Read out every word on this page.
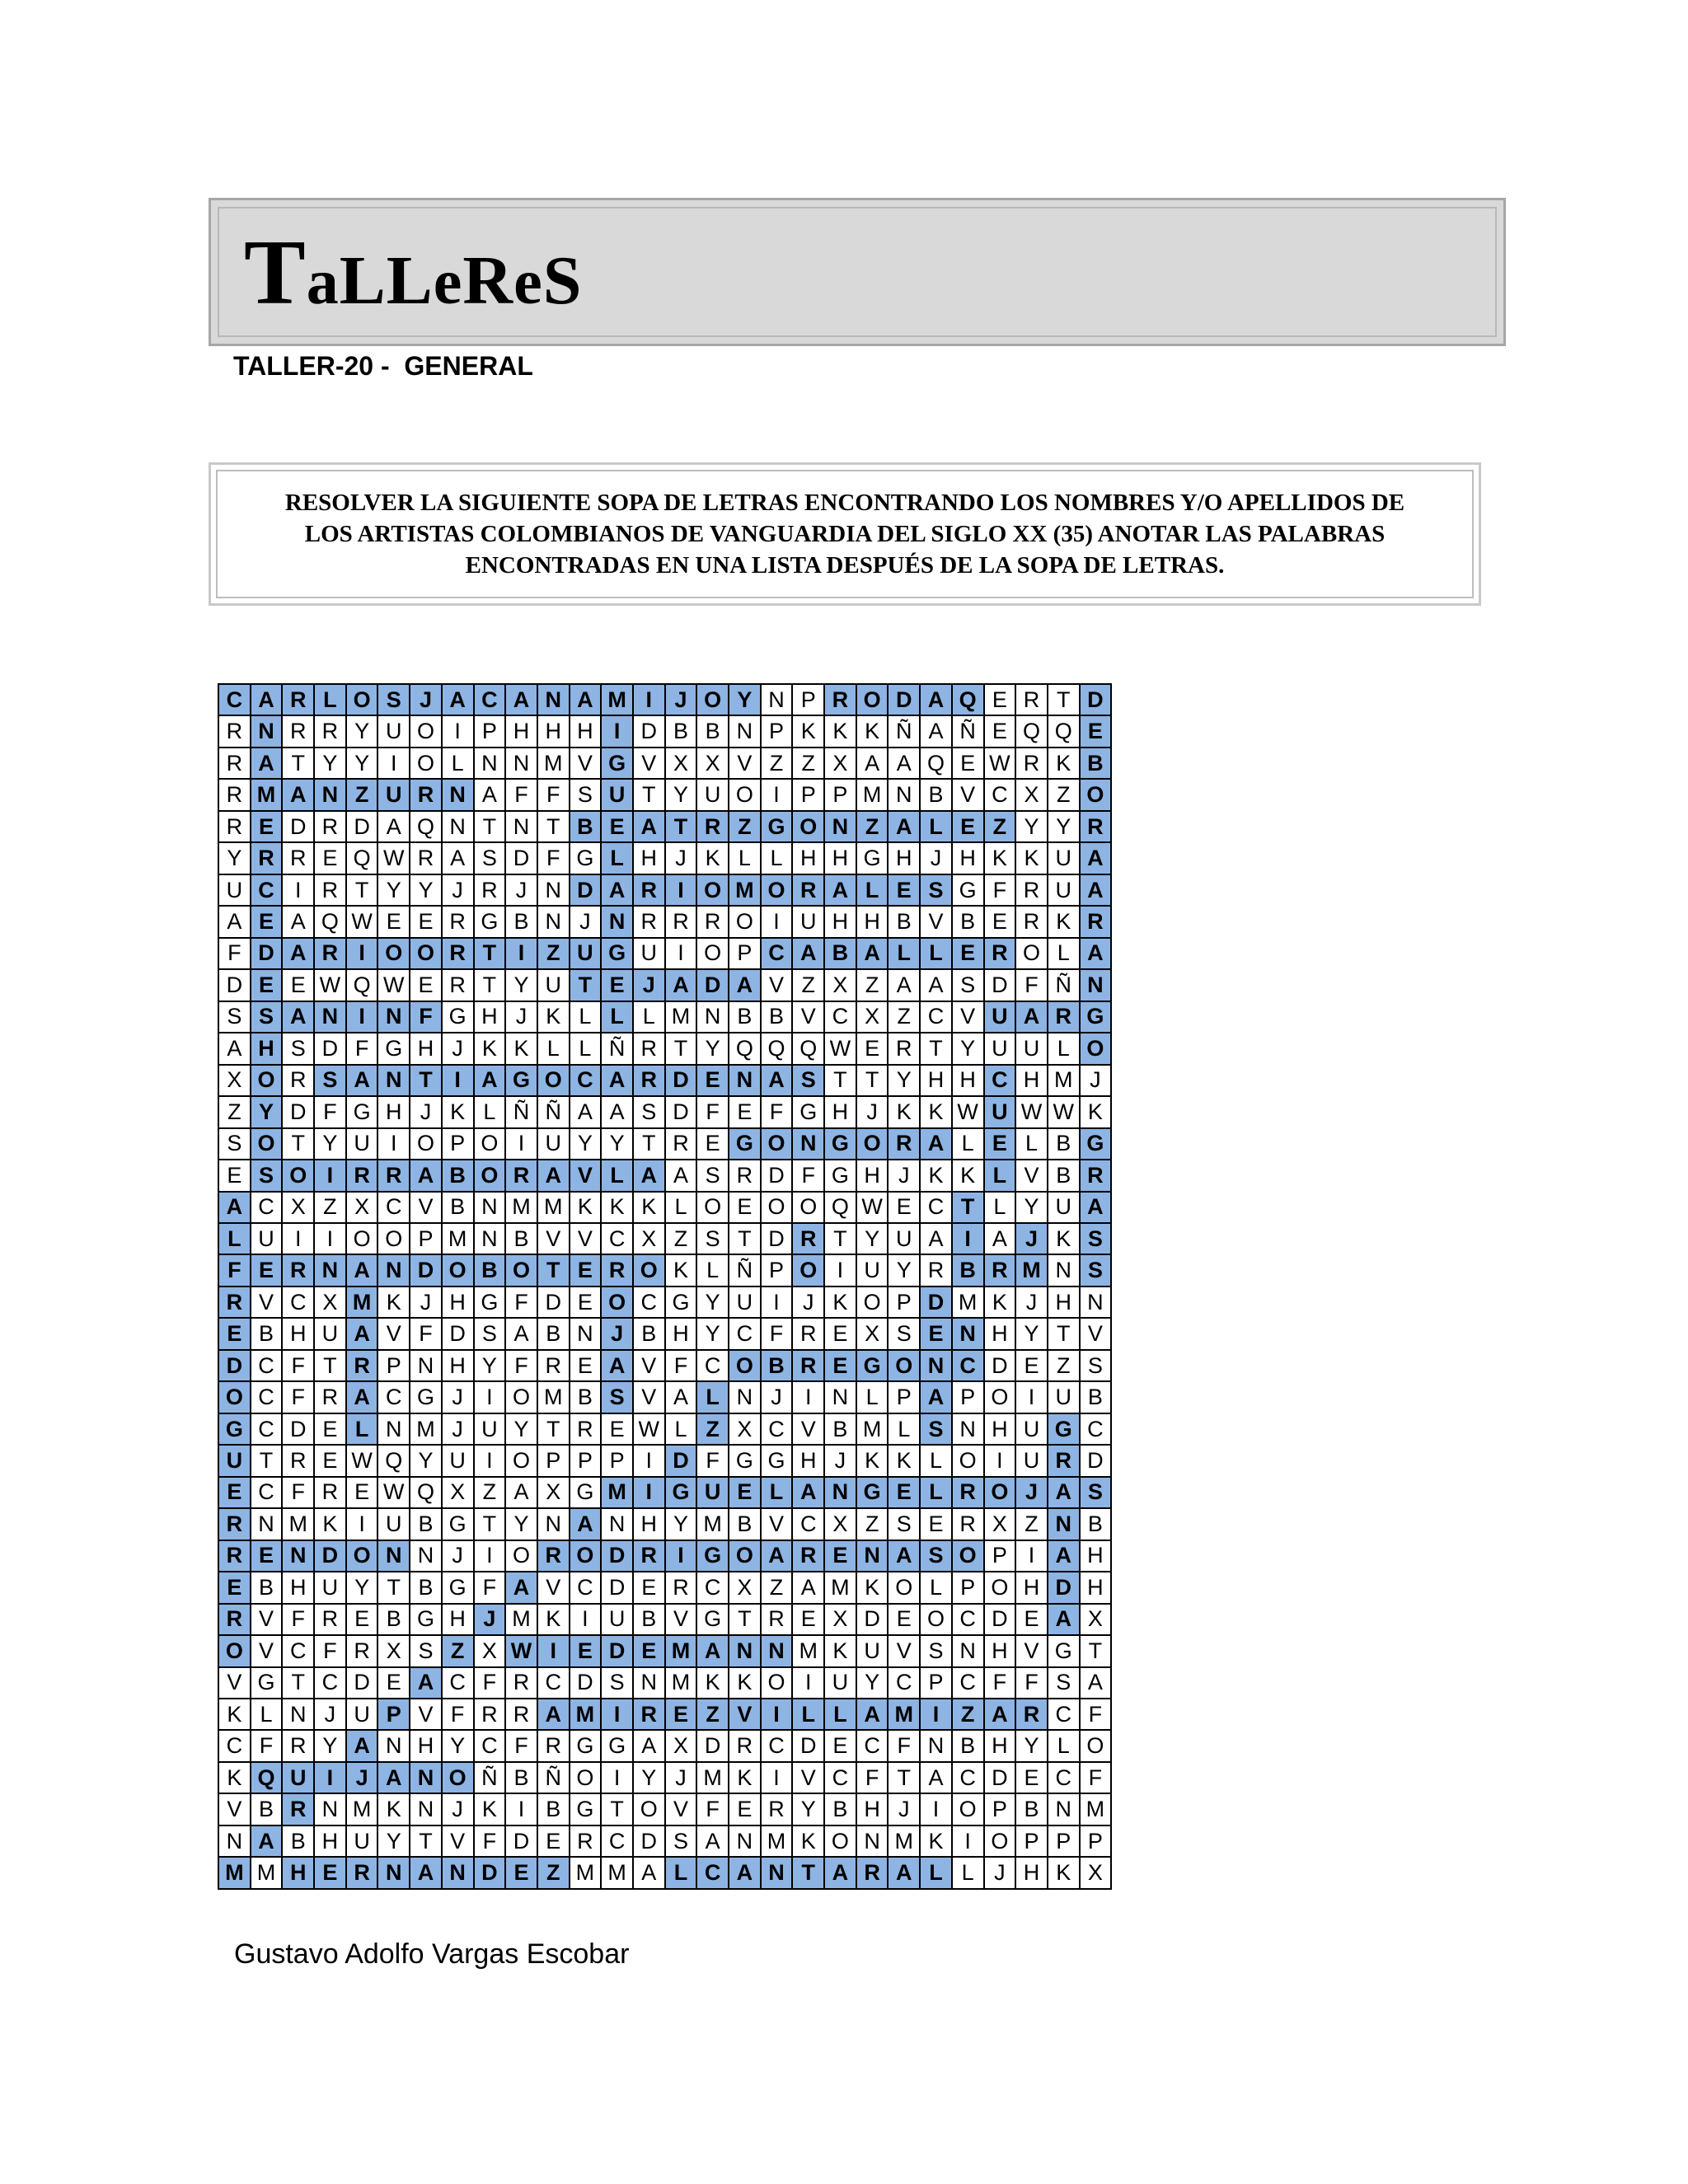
TaLLeReS
TALLER-20 -  GENERAL
RESOLVER LA SIGUIENTE SOPA DE LETRAS ENCONTRANDO LOS NOMBRES Y/O APELLIDOS DE LOS ARTISTAS COLOMBIANOS DE VANGUARDIA DEL SIGLO XX (35) ANOTAR LAS PALABRAS ENCONTRADAS EN UNA LISTA DESPUÉS DE LA SOPA DE LETRAS.
C	A	R	L	O	S	J	A	C	A	N	A	M	I	J	O	Y	N	P	R	O	D	A	Q	E	R	T	D
R	N	R	R	Y	U	O	I	P	H	H	H	I	D	B	B	N	P	K	K	K	Ñ	A	Ñ	E	Q	Q	E
R	A	T	Y	Y	I	O	L	N	N	M	V	G	V	X	X	V	Z	Z	X	A	A	Q	E	W	R	K	B
R	M	A	N	Z	U	R	N	A	F	F	S	U	T	Y	U	O	I	P	P	M	N	B	V	C	X	Z	O
R	E	D	R	D	A	Q	N	T	N	T	B	E	A	T	R	Z	G	O	N	Z	A	L	E	Z	Y	Y	R
Y	R	R	E	Q	W	R	A	S	D	F	G	L	H	J	K	L	L	H	H	G	H	J	H	K	K	U	A
U	C	I	R	T	Y	Y	J	R	J	N	D	A	R	I	O	M	O	R	A	L	E	S	G	F	R	U	A
A	E	A	Q	W	E	E	R	G	B	N	J	N	R	R	R	O	I	U	H	H	B	V	B	E	R	K	R
F	D	A	R	I	O	O	R	T	I	Z	U	G	U	I	O	P	C	A	B	A	L	L	E	R	O	L	A
D	E	E	W	Q	W	E	R	T	Y	U	T	E	J	A	D	A	V	Z	X	Z	A	A	S	D	F	Ñ	N
S	S	A	N	I	N	F	G	H	J	K	L	L	L	M	N	B	B	V	C	X	Z	C	V	U	A	R	G
A	H	S	D	F	G	H	J	K	K	L	L	Ñ	R	T	Y	Q	Q	Q	W	E	R	T	Y	U	U	L	O
X	O	R	S	A	N	T	I	A	G	O	C	A	R	D	E	N	A	S	T	T	Y	H	H	C	H	M	J
Z	Y	D	F	G	H	J	K	L	Ñ	Ñ	A	A	S	D	F	E	F	G	H	J	K	K	W	U	W	W	K
S	O	T	Y	U	I	O	P	O	I	U	Y	Y	T	R	E	G	O	N	G	O	R	A	L	E	L	B	G
E	S	O	I	R	R	A	B	O	R	A	V	L	A	A	S	R	D	F	G	H	J	K	K	L	V	B	R
A	C	X	Z	X	C	V	B	N	M	M	K	K	K	L	O	E	O	O	Q	W	E	C	T	L	Y	U	A
L	U	I	I	O	O	P	M	N	B	V	V	C	X	Z	S	T	D	R	T	Y	U	A	I	A	J	K	S
F	E	R	N	A	N	D	O	B	O	T	E	R	O	K	L	Ñ	P	O	I	U	Y	R	B	R	M	N	S
R	V	C	X	M	K	J	H	G	F	D	E	O	C	G	Y	U	I	J	K	O	P	D	M	K	J	H	N
E	B	H	U	A	V	F	D	S	A	B	N	J	B	H	Y	C	F	R	E	X	S	E	N	H	Y	T	V
D	C	F	T	R	P	N	H	Y	F	R	E	A	V	F	C	O	B	R	E	G	O	N	C	D	E	Z	S
O	C	F	R	A	C	G	J	I	O	M	B	S	V	A	L	N	J	I	N	L	P	A	P	O	I	U	B
G	C	D	E	L	N	M	J	U	Y	T	R	E	W	L	Z	X	C	V	B	M	L	S	N	H	U	G	C
U	T	R	E	W	Q	Y	U	I	O	P	P	P	I	D	F	G	G	H	J	K	K	L	O	I	U	R	D
E	C	F	R	E	W	Q	X	Z	A	X	G	M	I	G	U	E	L	A	N	G	E	L	R	O	J	A	S
R	N	M	K	I	U	B	G	T	Y	N	A	N	H	Y	M	B	V	C	X	Z	S	E	R	X	Z	N	B
R	E	N	D	O	N	N	J	I	O	R	O	D	R	I	G	O	A	R	E	N	A	S	O	P	I	A	H
E	B	H	U	Y	T	B	G	F	A	V	C	D	E	R	C	X	Z	A	M	K	O	L	P	O	H	D	H
R	V	F	R	E	B	G	H	J	M	K	I	U	B	V	G	T	R	E	X	D	E	O	C	D	E	A	X
O	V	C	F	R	X	S	Z	X	W	I	E	D	E	M	A	N	N	M	K	U	V	S	N	H	V	G	T
V	G	T	C	D	E	A	C	F	R	C	D	S	N	M	K	K	O	I	U	Y	C	P	C	F	F	S	A
K	L	N	J	U	P	V	F	R	R	A	M	I	R	E	Z	V	I	L	L	A	M	I	Z	A	R	C	F
C	F	R	Y	A	N	H	Y	C	F	R	G	G	A	X	D	R	C	D	E	C	F	N	B	H	Y	L	O
K	Q	U	I	J	A	N	O	Ñ	B	Ñ	O	I	Y	J	M	K	I	V	C	F	T	A	C	D	E	C	F
V	B	R	N	M	K	N	J	K	I	B	G	T	O	V	F	E	R	Y	B	H	J	I	O	P	B	N	M
N	A	B	H	U	Y	T	V	F	D	E	R	C	D	S	A	N	M	K	O	N	M	K	I	O	P	P	P
M	M	H	E	R	N	A	N	D	E	Z	M	M	A	L	C	A	N	T	A	R	A	L	L	J	H	K	X
Gustavo Adolfo Vargas Escobar
